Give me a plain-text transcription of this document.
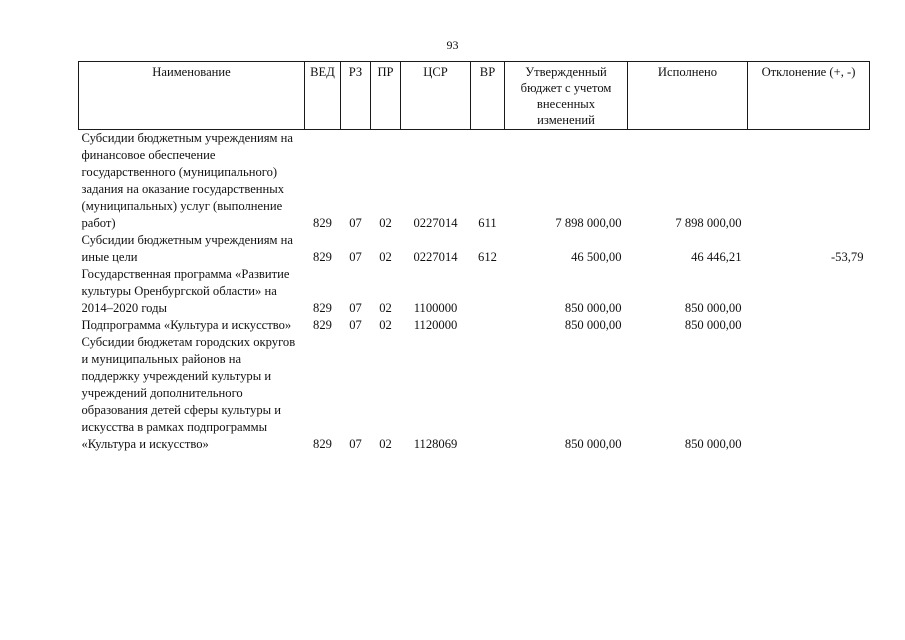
93
Наименование	ВЕД	РЗ	ПР	ЦСР	ВР	Утвержденный бюджет с учетом внесенных изменений	Исполнено	Отклонение (+, -)
Субсидии бюджетным учреждениям на финансовое обеспечение государственного (муниципального) задания на оказание государственных (муниципальных) услуг (выполнение работ)	829	07	02	0227014	611	7 898 000,00	7 898 000,00	
Субсидии бюджетным учреждениям на иные цели	829	07	02	0227014	612	46 500,00	46 446,21	-53,79
Государственная программа «Развитие культуры Оренбургской области» на 2014–2020 годы	829	07	02	1100000		850 000,00	850 000,00	
Подпрограмма «Культура и искусство»	829	07	02	1120000		850 000,00	850 000,00	
Субсидии бюджетам городских округов и муниципальных районов на поддержку учреждений культуры и учреждений дополнительного образования детей сферы культуры и искусства в рамках подпрограммы «Культура и искусство»	829	07	02	1128069		850 000,00	850 000,00	
